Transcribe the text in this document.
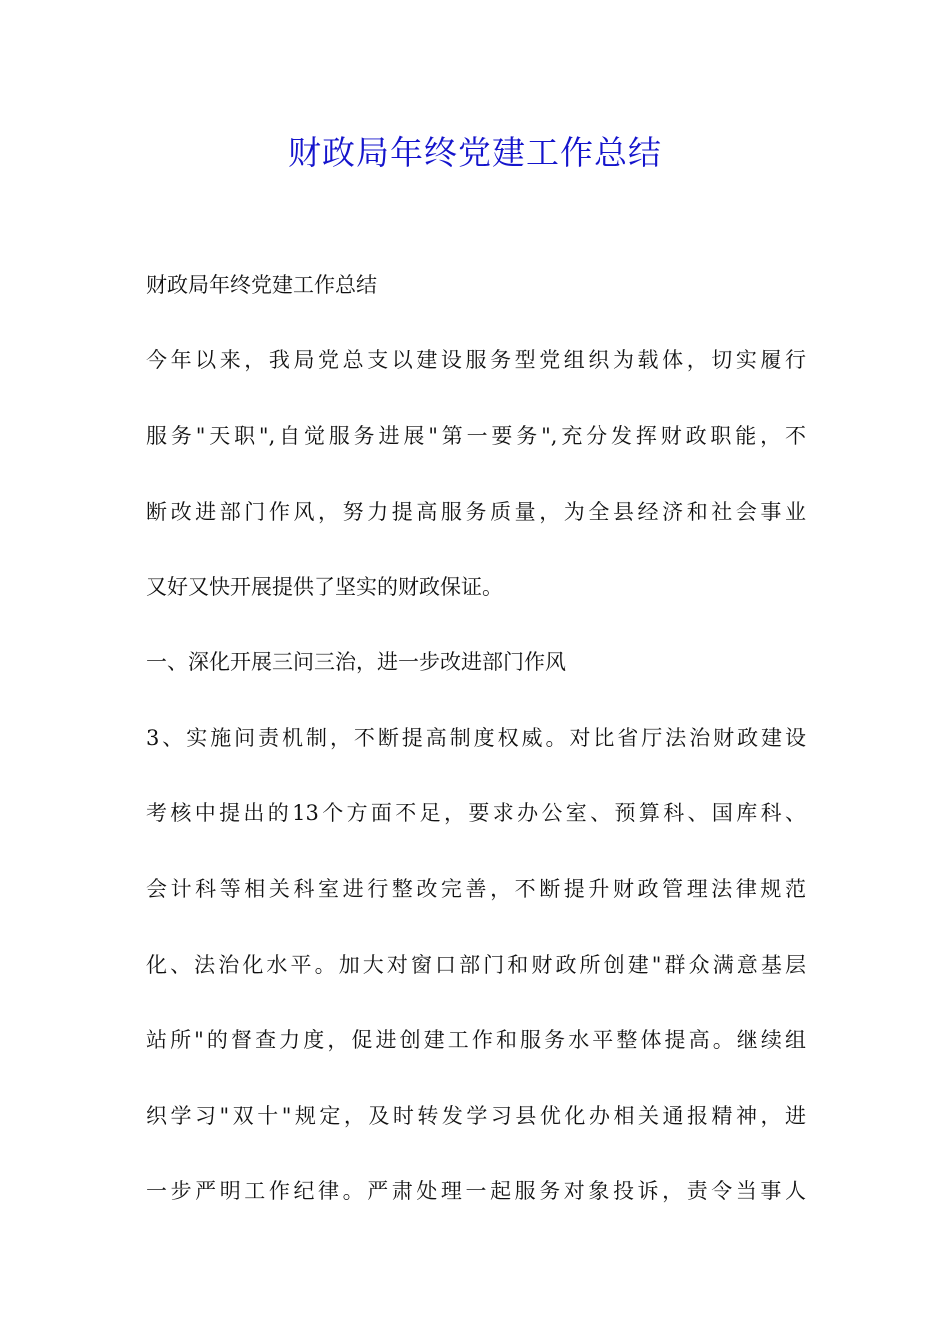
财政局年终党建工作总结
财政局年终党建工作总结
今年以来，我局党总支以建设服务型党组织为载体，切实履行
服务"天职",自觉服务进展"第一要务",充分发挥财政职能，不
断改进部门作风，努力提高服务质量，为全县经济和社会事业
又好又快开展提供了坚实的财政保证。
一、深化开展三问三治，进一步改进部门作风
3、实施问责机制，不断提高制度权威。对比省厅法治财政建设
考核中提出的13个方面不足，要求办公室、预算科、国库科、
会计科等相关科室进行整改完善，不断提升财政管理法律规范
化、法治化水平。加大对窗口部门和财政所创建"群众满意基层
站所"的督查力度，促进创建工作和服务水平整体提高。继续组
织学习"双十"规定，及时转发学习县优化办相关通报精神，进
一步严明工作纪律。严肃处理一起服务对象投诉，责令当事人
